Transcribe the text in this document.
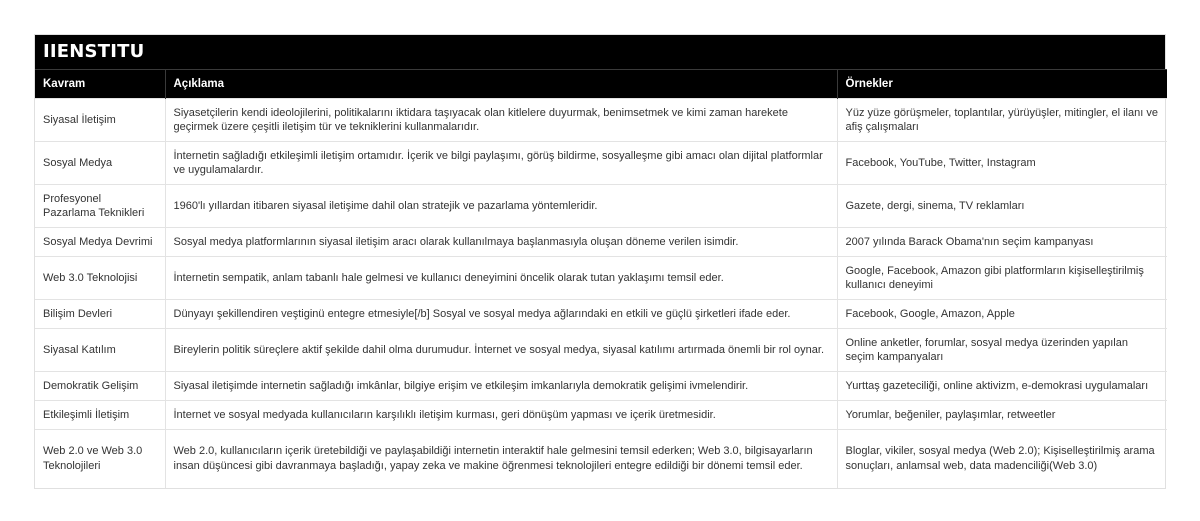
IIENSTITU
Kavram	Açıklama	Örnekler
Siyasal İletişim	Siyasetçilerin kendi ideolojilerini, politikalarını iktidara taşıyacak olan kitlelere duyurmak, benimsetmek ve kimi zaman harekete geçirmek üzere çeşitli iletişim tür ve tekniklerini kullanmalarıdır.	Yüz yüze görüşmeler, toplantılar, yürüyüşler, mitingler, el ilanı ve afiş çalışmaları
Sosyal Medya	İnternetin sağladığı etkileşimli iletişim ortamıdır. İçerik ve bilgi paylaşımı, görüş bildirme, sosyalleşme gibi amacı olan dijital platformlar ve uygulamalardır.	Facebook, YouTube, Twitter, Instagram
Profesyonel Pazarlama Teknikleri	1960'lı yıllardan itibaren siyasal iletişime dahil olan stratejik ve pazarlama yöntemleridir.	Gazete, dergi, sinema, TV reklamları
Sosyal Medya Devrimi	Sosyal medya platformlarının siyasal iletişim aracı olarak kullanılmaya başlanmasıyla oluşan döneme verilen isimdir.	2007 yılında Barack Obama'nın seçim kampanyası
Web 3.0 Teknolojisi	İnternetin sempatik, anlam tabanlı hale gelmesi ve kullanıcı deneyimini öncelik olarak tutan yaklaşımı temsil eder.	Google, Facebook, Amazon gibi platformların kişiselleştirilmiş kullanıcı deneyimi
Bilişim Devleri	Dünyayı şekillendiren veştiginü entegre etmesiyle[/b] Sosyal ve sosyal medya ağlarındaki en etkili ve güçlü şirketleri ifade eder.	Facebook, Google, Amazon, Apple
Siyasal Katılım	Bireylerin politik süreçlere aktif şekilde dahil olma durumudur. İnternet ve sosyal medya, siyasal katılımı artırmada önemli bir rol oynar.	Online anketler, forumlar, sosyal medya üzerinden yapılan seçim kampanyaları
Demokratik Gelişim	Siyasal iletişimde internetin sağladığı imkânlar, bilgiye erişim ve etkileşim imkanlarıyla demokratik gelişimi ivmelendirir.	Yurttaş gazeteciliği, online aktivizm, e-demokrasi uygulamaları
Etkileşimli İletişim	İnternet ve sosyal medyada kullanıcıların karşılıklı iletişim kurması, geri dönüşüm yapması ve içerik üretmesidir.	Yorumlar, beğeniler, paylaşımlar, retweetler
Web 2.0 ve Web 3.0 Teknolojileri	Web 2.0, kullanıcıların içerik üretebildiği ve paylaşabildiği internetin interaktif hale gelmesini temsil ederken; Web 3.0, bilgisayarların insan düşüncesi gibi davranmaya başladığı, yapay zeka ve makine öğrenmesi teknolojileri entegre edildiği bir dönemi temsil eder.	Bloglar, vikiler, sosyal medya (Web 2.0); Kişiselleştirilmiş arama sonuçları, anlamsal web, data madenciliği(Web 3.0)
